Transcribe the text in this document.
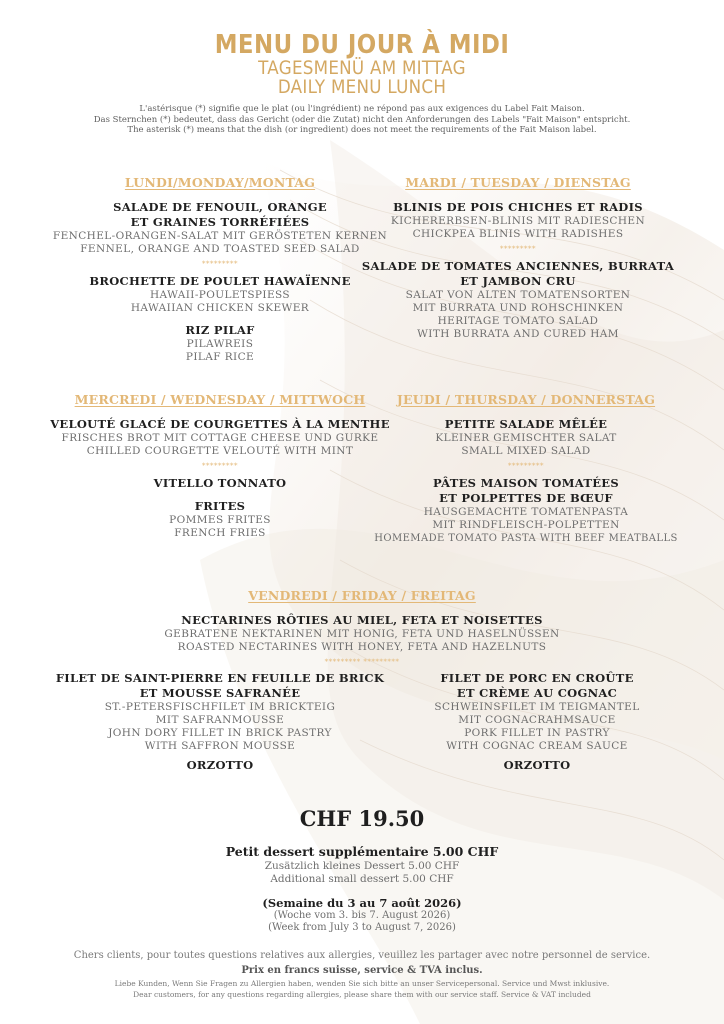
MENU DU JOUR À MIDI
TAGESMENÜ AM MITTAG
DAILY MENU LUNCH
L'astérisque (*) signifie que le plat (ou l'ingrédient) ne répond pas aux exigences du Label Fait Maison.
Das Sternchen (*) bedeutet, dass das Gericht (oder die Zutat) nicht den Anforderungen des Labels "Fait Maison" entspricht.
The asterisk (*) means that the dish (or ingredient) does not meet the requirements of the Fait Maison label.
LUNDI/MONDAY/MONTAG
SALADE DE FENOUIL, ORANGE
ET GRAINES TORRÉFIÉES
FENCHEL-ORANGEN-SALAT MIT GERÖSTETEN KERNEN
FENNEL, ORANGE AND TOASTED SEED SALAD
*********
BROCHETTE DE POULET HAWAÏENNE
HAWAII-POULETSPIESS
HAWAIIAN CHICKEN SKEWER
RIZ PILAF
PILAWREIS
PILAF RICE
MARDI / TUESDAY / DIENSTAG
BLINIS DE POIS CHICHES ET RADIS
KICHERERBSEN-BLINIS MIT RADIESCHEN
CHICKPEA BLINIS WITH RADISHES
*********
SALADE DE TOMATES ANCIENNES, BURRATA
ET JAMBON CRU
SALAT VON ALTEN TOMATENSORTEN
MIT BURRATA UND ROHSCHINKEN
HERITAGE TOMATO SALAD
WITH BURRATA AND CURED HAM
MERCREDI / WEDNESDAY / MITTWOCH
VELOUTÉ GLACÉ DE COURGETTES À LA MENTHE
FRISCHES BROT MIT COTTAGE CHEESE UND GURKE
CHILLED COURGETTE VELOUTÉ WITH MINT
*********
VITELLO TONNATO
FRITES
POMMES FRITES
FRENCH FRIES
JEUDI / THURSDAY / DONNERSTAG
PETITE SALADE MÊLÉE
KLEINER GEMISCHTER SALAT
SMALL MIXED SALAD
*********
PÂTES MAISON TOMATÉES
ET POLPETTES DE BŒUF
HAUSGEMACHTE TOMATENPASTA
MIT RINDFLEISCH-POLPETTEN
HOMEMADE TOMATO PASTA WITH BEEF MEATBALLS
VENDREDI / FRIDAY / FREITAG
NECTARINES RÔTIES AU MIEL, FETA ET NOISETTES
GEBRATENE NEKTARINEN MIT HONIG, FETA UND HASELNÜSSEN
ROASTED NECTARINES WITH HONEY, FETA AND HAZELNUTS
********* *********
FILET DE SAINT-PIERRE EN FEUILLE DE BRICK
ET MOUSSE SAFRANÉE
ST.-PETERSFISCHFILET IM BRICKTEIG
MIT SAFRANMOUSSE
JOHN DORY FILLET IN BRICK PASTRY
WITH SAFFRON MOUSSE
ORZOTTO
FILET DE PORC EN CROÛTE
ET CRÈME AU COGNAC
SCHWEINSFILET IM TEIGMANTEL
MIT COGNACRAHMSAUCE
PORK FILLET IN PASTRY
WITH COGNAC CREAM SAUCE
ORZOTTO
CHF 19.50
Petit dessert supplémentaire 5.00 CHF
Zusätzlich kleines Dessert 5.00 CHF
Additional small dessert 5.00 CHF
(Semaine du 3 au 7 août 2026)
(Woche vom 3. bis 7. August 2026)
(Week from July 3 to August 7, 2026)
Chers clients, pour toutes questions relatives aux allergies, veuillez les partager avec notre personnel de service.
Prix en francs suisse, service & TVA inclus.
Liebe Kunden, Wenn Sie Fragen zu Allergien haben, wenden Sie sich bitte an unser Servicepersonal. Service und Mwst inklusive.
Dear customers, for any questions regarding allergies, please share them with our service staff. Service & VAT included
